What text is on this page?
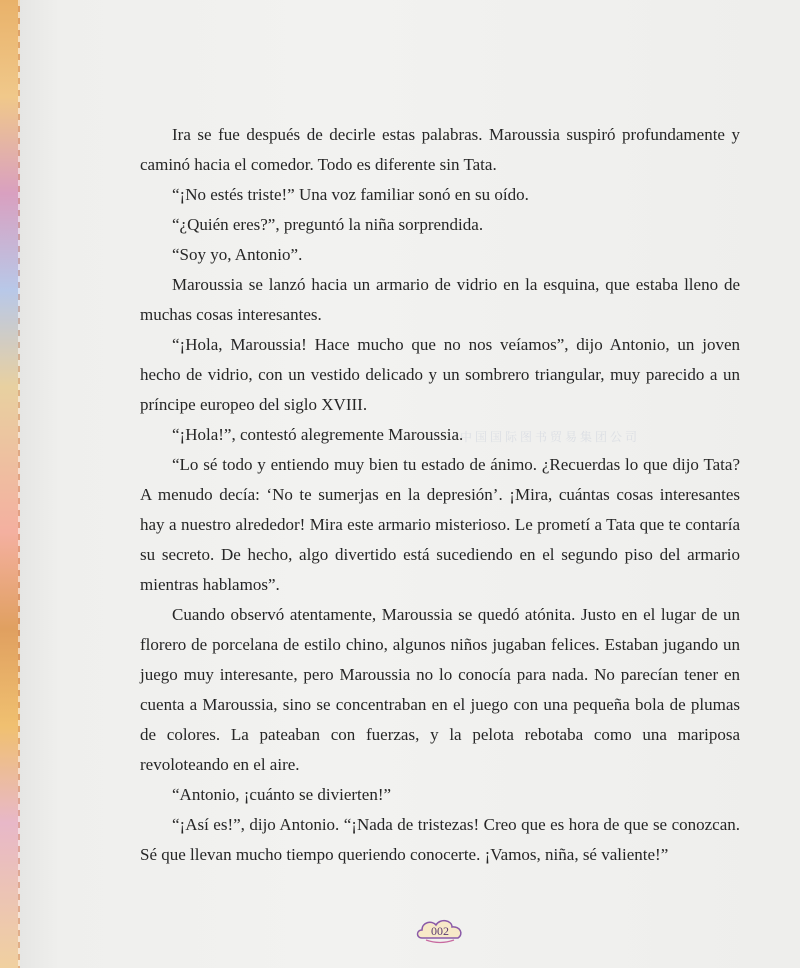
Ira se fue después de decirle estas palabras. Maroussia suspiró profundamente y caminó hacia el comedor. Todo es diferente sin Tata.

“¡No estés triste!” Una voz familiar sonó en su oído.

“¿Quién eres?”, preguntó la niña sorprendida.

“Soy yo, Antonio”.

Maroussia se lanzó hacia un armario de vidrio en la esquina, que estaba lleno de muchas cosas interesantes.

“¡Hola, Maroussia! Hace mucho que no nos veíamos”, dijo Antonio, un joven hecho de vidrio, con un vestido delicado y un sombrero triangular, muy parecido a un príncipe europeo del siglo XVIII.

“¡Hola!”, contestó alegremente Maroussia.

“Lo sé todo y entiendo muy bien tu estado de ánimo. ¿Recuerdas lo que dijo Tata? A menudo decía: ‘No te sumerjas en la depresión’. ¡Mira, cuántas cosas interesantes hay a nuestro alrededor! Mira este armario misterioso. Le prometí a Tata que te contaría su secreto. De hecho, algo divertido está sucediendo en el segundo piso del armario mientras hablamos”.

Cuando observó atentamente, Maroussia se quedó atónita. Justo en el lugar de un florero de porcelana de estilo chino, algunos niños jugaban felices. Estaban jugando un juego muy interesante, pero Maroussia no lo conocía para nada. No parecían tener en cuenta a Maroussia, sino se concentraban en el juego con una pequeña bola de plumas de colores. La pateaban con fuerzas, y la pelota rebotaba como una mariposa revoloteando en el aire.

“Antonio, ¡cuánto se divierten!”

“¡Así es!”, dijo Antonio. “¡Nada de tristezas! Creo que es hora de que se conozcan. Sé que llevan mucho tiempo queriendo conocerte. ¡Vamos, niña, sé valiente!”

中国国际图书贸易集团公司
002
